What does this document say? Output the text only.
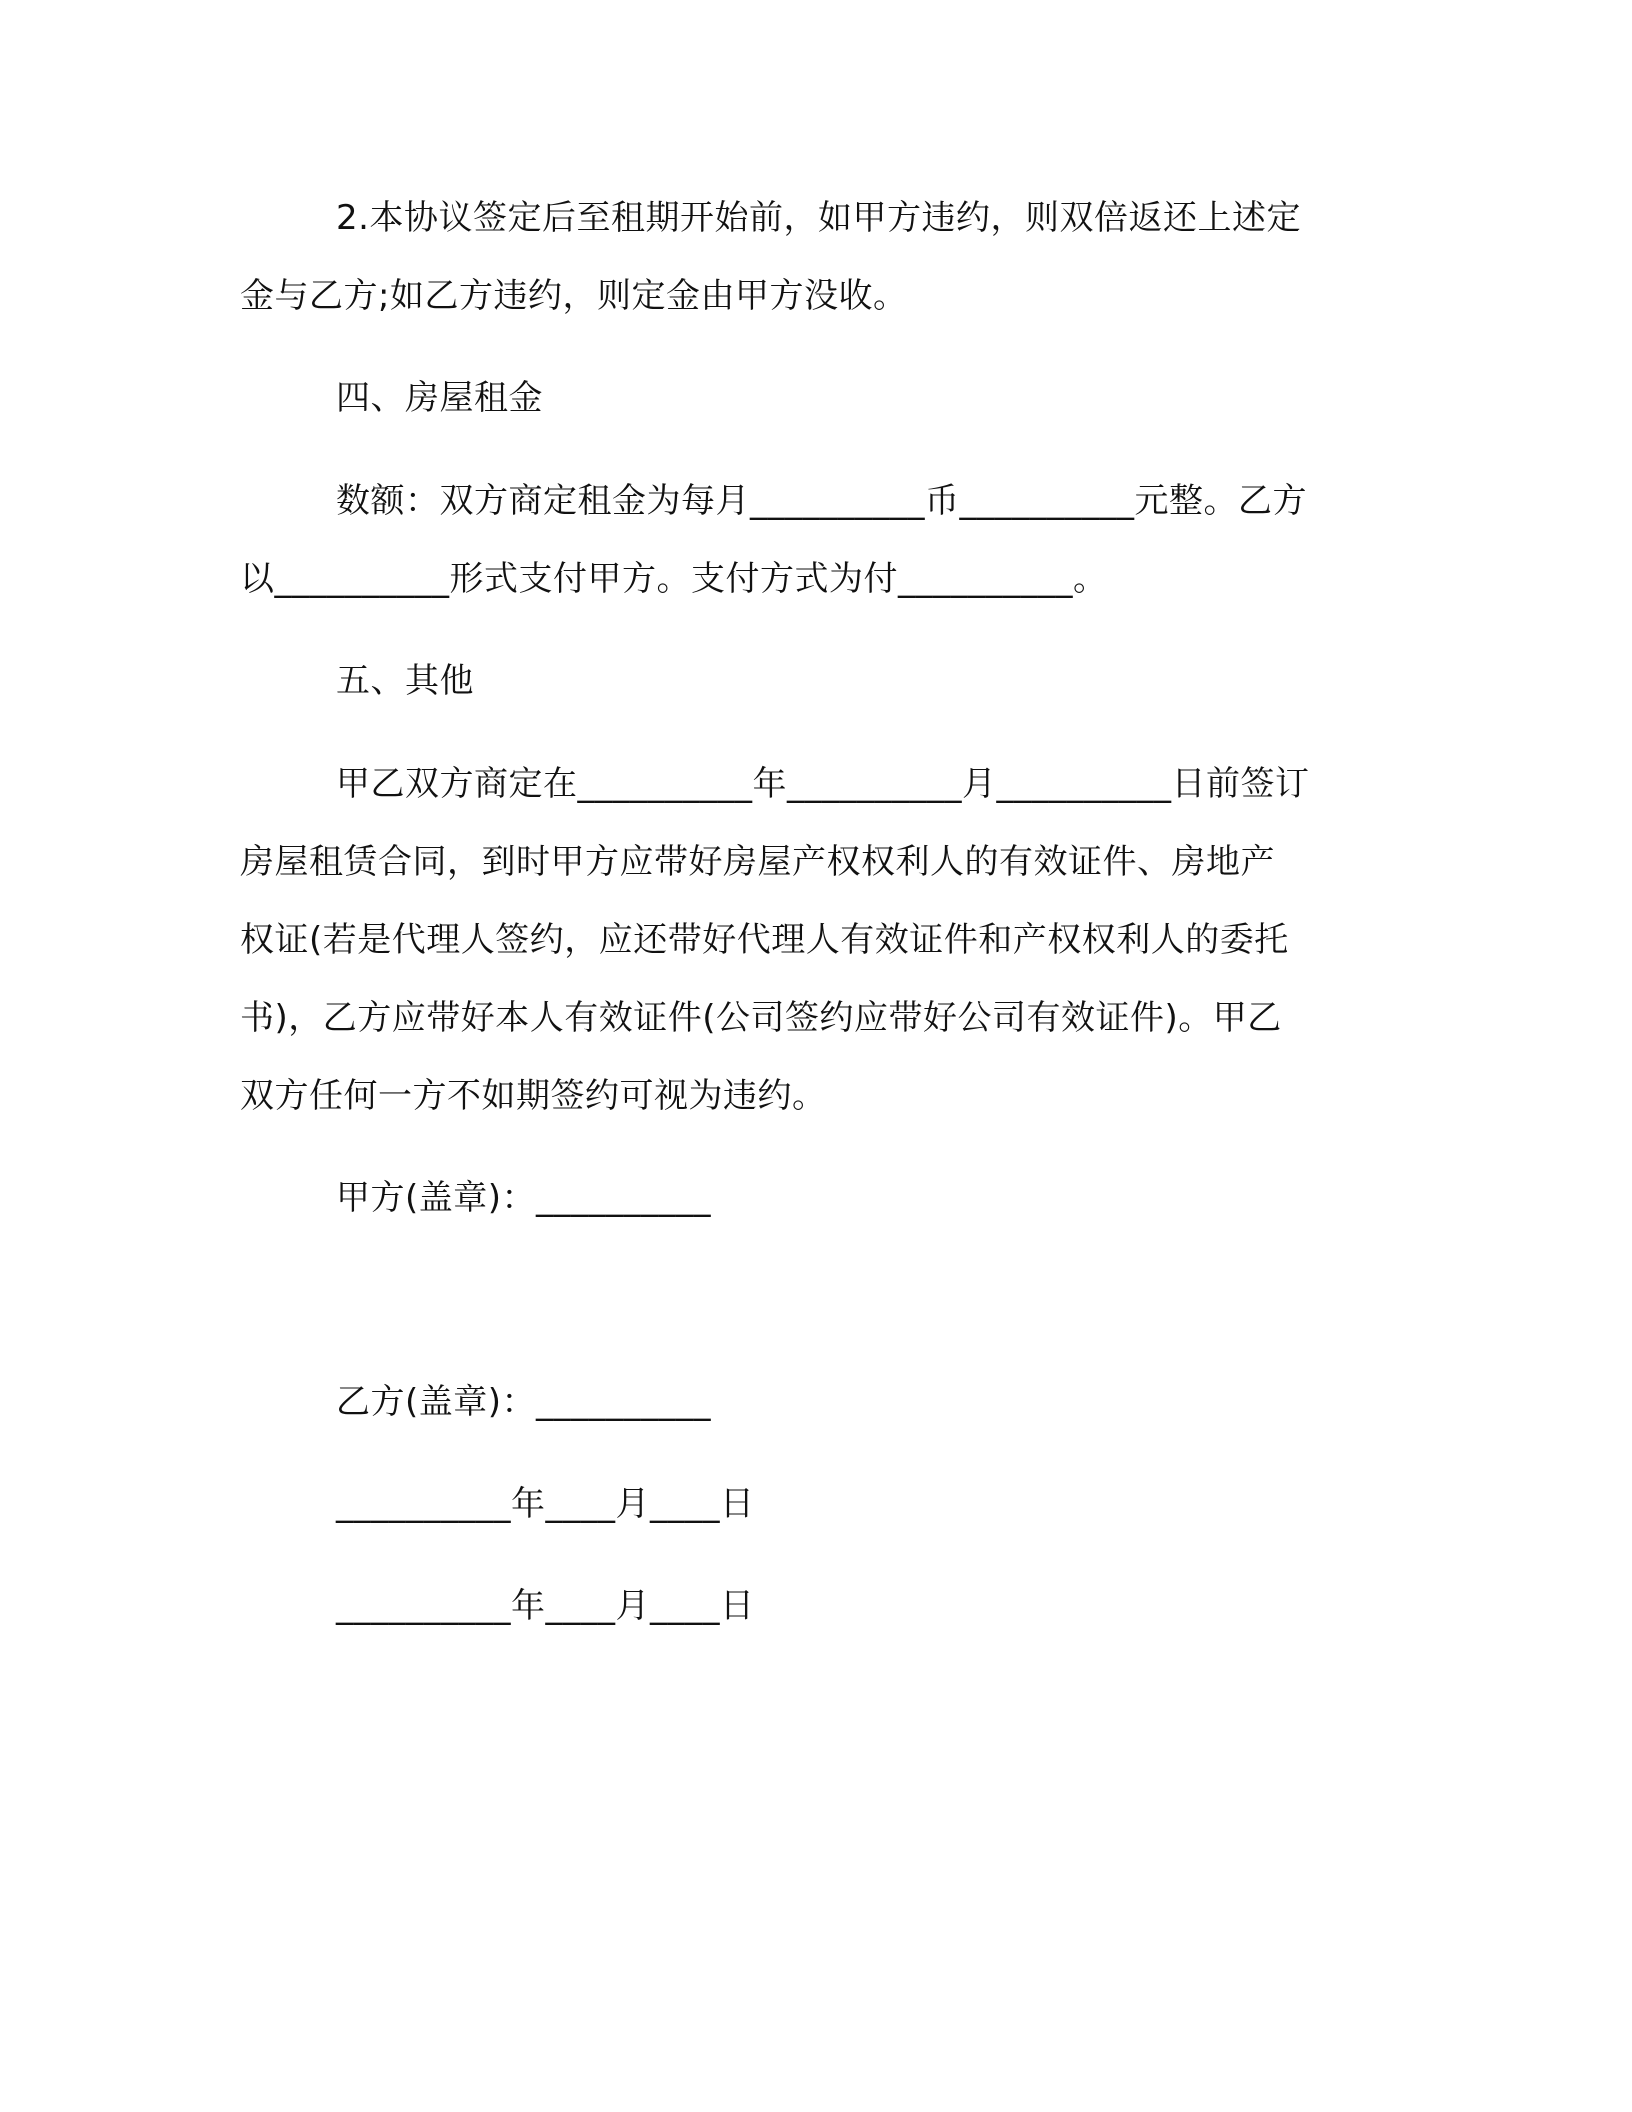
2.本协议签定后至租期开始前，如甲方违约，则双倍返还上述定
金与乙方;如乙方违约，则定金由甲方没收。
四、房屋租金
数额：双方商定租金为每月__________币__________元整。乙方
以__________形式支付甲方。支付方式为付__________。
五、其他
甲乙双方商定在__________年__________月__________日前签订
房屋租赁合同，到时甲方应带好房屋产权权利人的有效证件、房地产
权证(若是代理人签约，应还带好代理人有效证件和产权权利人的委托
书)，乙方应带好本人有效证件(公司签约应带好公司有效证件)。甲乙
双方任何一方不如期签约可视为违约。
甲方(盖章)：__________
乙方(盖章)：__________
__________年____月____日
__________年____月____日
